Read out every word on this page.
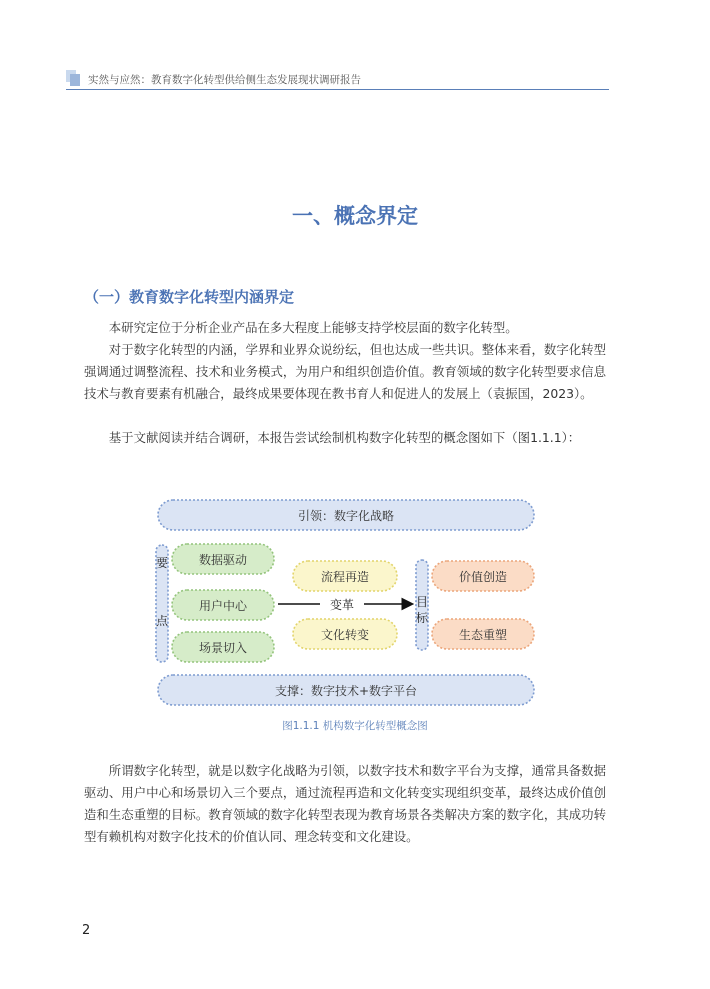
实然与应然：教育数字化转型供给侧生态发展现状调研报告
一、概念界定
（一）教育数字化转型内涵界定

本研究定位于分析企业产品在多大程度上能够支持学校层面的数字化转型。

对于数字化转型的内涵，学界和业界众说纷纭，但也达成一些共识。整体来看，数字化转型强调通过调整流程、技术和业务模式，为用户和组织创造价值。教育领域的数字化转型要求信息技术与教育要素有机融合，最终成果要体现在教书育人和促进人的发展上（袁振国，2023）。

基于文献阅读并结合调研，本报告尝试绘制机构数字化转型的概念图如下（图1.1.1）：

引领：数字化战略
要
点
数据驱动
用户中心
场景切入
变革
流程再造
文化转变
目
标
价值创造
生态重塑
支撑：数字技术+数字平台

图1.1.1 机构数字化转型概念图

所谓数字化转型，就是以数字化战略为引领，以数字技术和数字平台为支撑，通常具备数据驱动、用户中心和场景切入三个要点，通过流程再造和文化转变实现组织变革，最终达成价值创造和生态重塑的目标。教育领域的数字化转型表现为教育场景各类解决方案的数字化，其成功转型有赖机构对数字化技术的价值认同、理念转变和文化建设。

2
